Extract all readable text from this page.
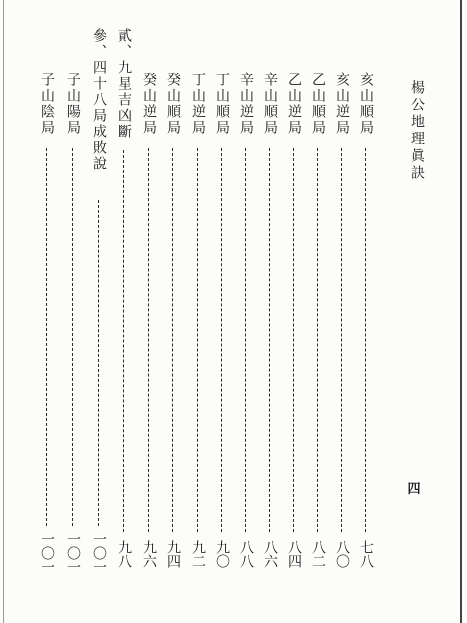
楊公地理眞訣
四
亥山順局
七八
亥山逆局
八〇
乙山順局
八二
乙山逆局
八四
辛山順局
八六
辛山逆局
八八
丁山順局
九〇
丁山逆局
九二
癸山順局
九四
癸山逆局
九六
貳、九星吉凶斷
九八
參、四十八局成敗說
一〇一
子山陽局
一〇一
子山陰局
一〇一
